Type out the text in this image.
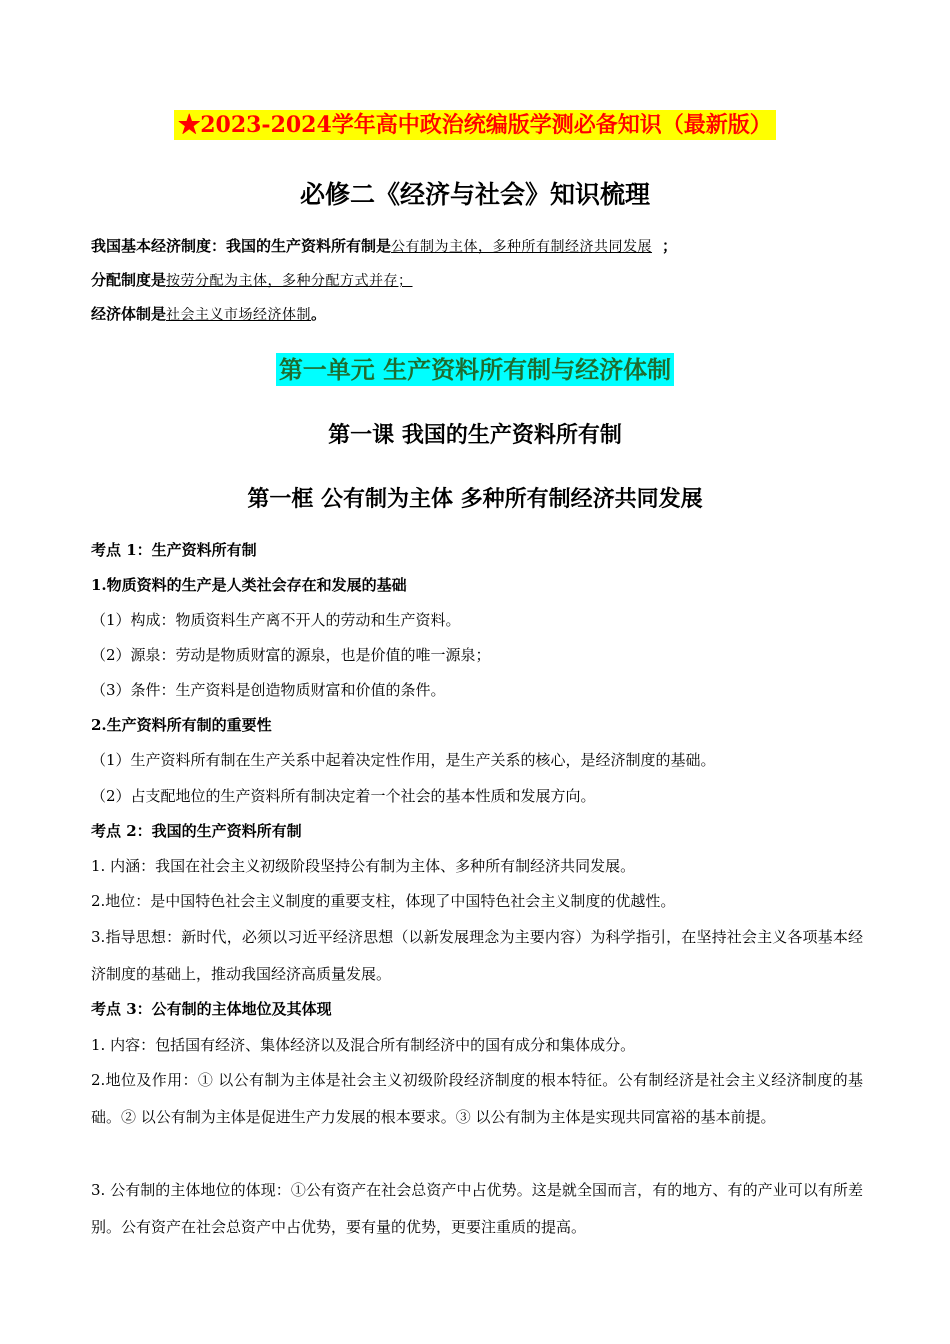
★2023-2024学年高中政治统编版学测必备知识（最新版）
必修二《经济与社会》知识梳理
我国基本经济制度：我国的生产资料所有制是公有制为主体，多种所有制经济共同发展 ；
分配制度是按劳分配为主体，多种分配方式并存；
经济体制是社会主义市场经济体制。
第一单元 生产资料所有制与经济体制
第一课 我国的生产资料所有制
第一框 公有制为主体 多种所有制经济共同发展
考点 1：生产资料所有制
1.物质资料的生产是人类社会存在和发展的基础
（1）构成：物质资料生产离不开人的劳动和生产资料。
（2）源泉：劳动是物质财富的源泉，也是价值的唯一源泉；
（3）条件：生产资料是创造物质财富和价值的条件。
2.生产资料所有制的重要性
（1）生产资料所有制在生产关系中起着决定性作用，是生产关系的核心，是经济制度的基础。
（2）占支配地位的生产资料所有制决定着一个社会的基本性质和发展方向。
考点 2：我国的生产资料所有制
1. 内涵：我国在社会主义初级阶段坚持公有制为主体、多种所有制经济共同发展。
2.地位：是中国特色社会主义制度的重要支柱，体现了中国特色社会主义制度的优越性。
3.指导思想：新时代，必须以习近平经济思想（以新发展理念为主要内容）为科学指引，在坚持社会主义各项基本经济制度的基础上，推动我国经济高质量发展。
考点 3：公有制的主体地位及其体现
1. 内容：包括国有经济、集体经济以及混合所有制经济中的国有成分和集体成分。
2.地位及作用：① 以公有制为主体是社会主义初级阶段经济制度的根本特征。公有制经济是社会主义经济制度的基础。② 以公有制为主体是促进生产力发展的根本要求。③ 以公有制为主体是实现共同富裕的基本前提。
3. 公有制的主体地位的体现：①公有资产在社会总资产中占优势。这是就全国而言，有的地方、有的产业可以有所差别。公有资产在社会总资产中占优势，要有量的优势，更要注重质的提高。
